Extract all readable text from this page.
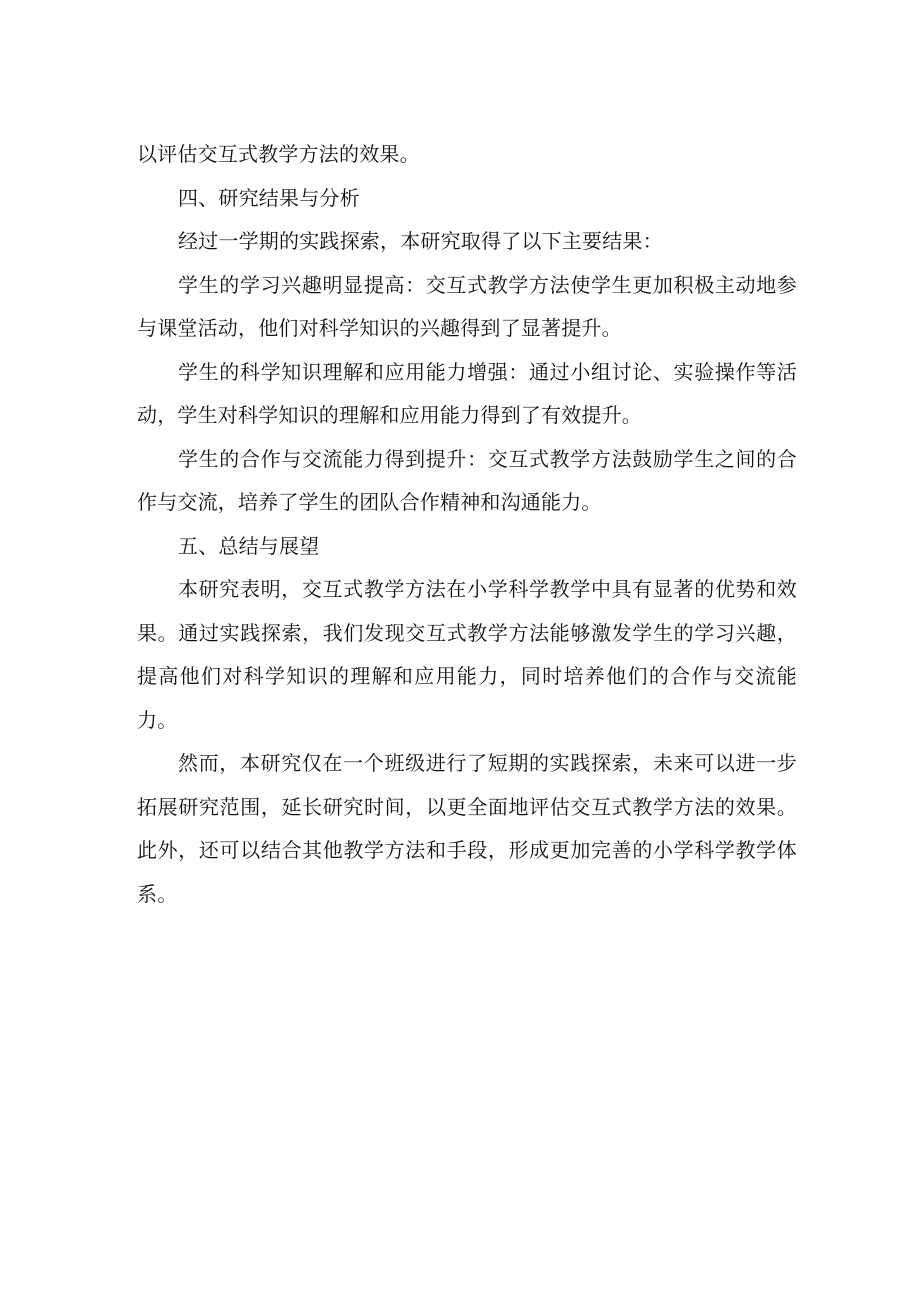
以评估交互式教学方法的效果。

四、研究结果与分析

经过一学期的实践探索，本研究取得了以下主要结果：

学生的学习兴趣明显提高：交互式教学方法使学生更加积极主动地参与课堂活动，他们对科学知识的兴趣得到了显著提升。

学生的科学知识理解和应用能力增强：通过小组讨论、实验操作等活动，学生对科学知识的理解和应用能力得到了有效提升。

学生的合作与交流能力得到提升：交互式教学方法鼓励学生之间的合作与交流，培养了学生的团队合作精神和沟通能力。

五、总结与展望

本研究表明，交互式教学方法在小学科学教学中具有显著的优势和效果。通过实践探索，我们发现交互式教学方法能够激发学生的学习兴趣，提高他们对科学知识的理解和应用能力，同时培养他们的合作与交流能力。

然而，本研究仅在一个班级进行了短期的实践探索，未来可以进一步拓展研究范围，延长研究时间，以更全面地评估交互式教学方法的效果。此外，还可以结合其他教学方法和手段，形成更加完善的小学科学教学体系。
